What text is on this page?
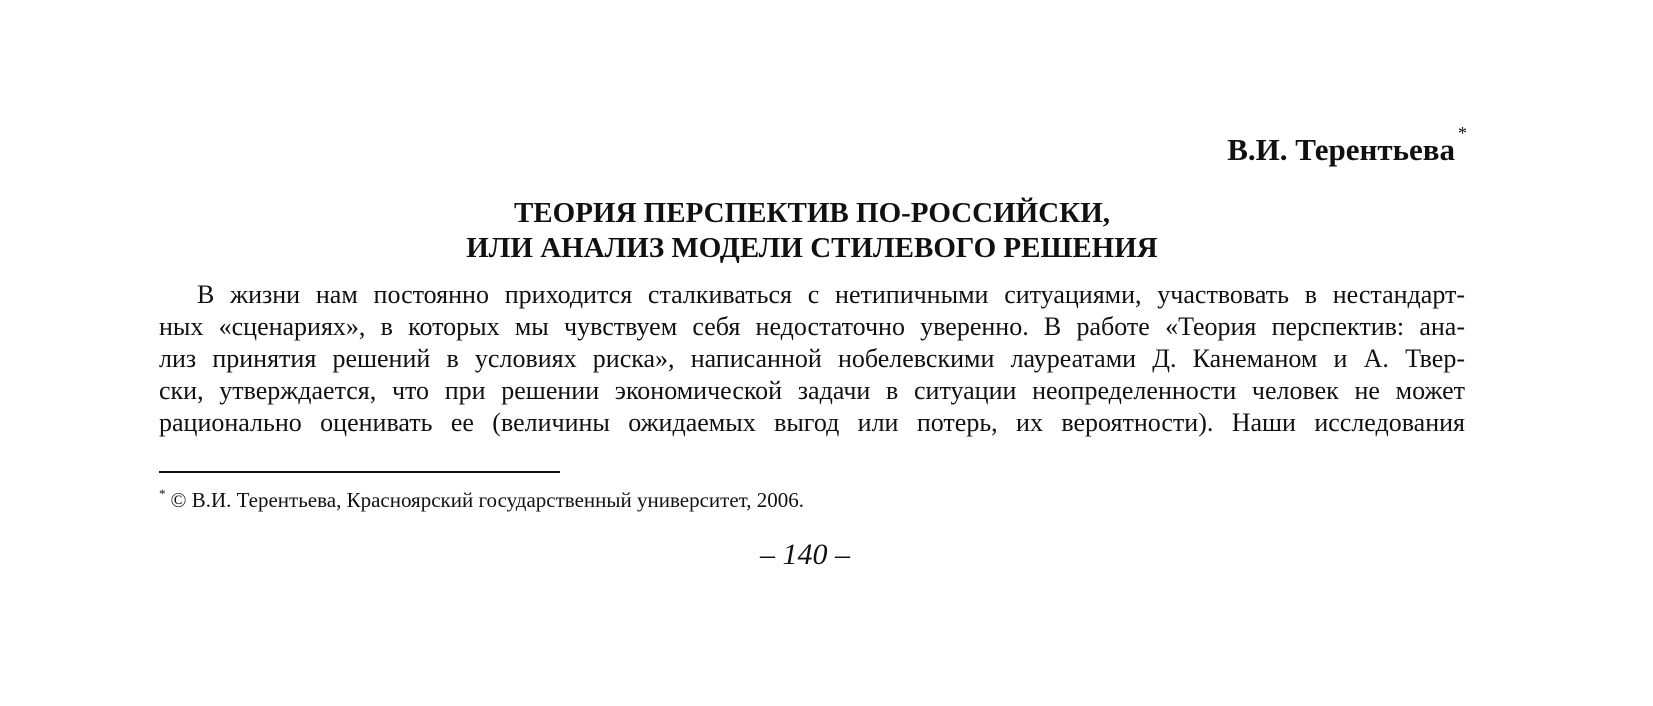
В.И. Терентьева *
ТЕОРИЯ ПЕРСПЕКТИВ ПО-РОССИЙСКИ,
ИЛИ АНАЛИЗ МОДЕЛИ СТИЛЕВОГО РЕШЕНИЯ
В жизни нам постоянно приходится сталкиваться с нетипичными ситуациями, участвовать в нестандарт-
ных «сценариях», в которых мы чувствуем себя недостаточно уверенно. В работе «Теория перспектив: ана-
лиз принятия решений в условиях риска», написанной нобелевскими лауреатами Д. Канеманом и А. Твер-
ски, утверждается, что при решении экономической задачи в ситуации неопределенности человек не может
рационально оценивать ее (величины ожидаемых выгод или потерь, их вероятности). Наши исследования
* © В.И. Терентьева, Красноярский государственный университет, 2006.
– 140 –
